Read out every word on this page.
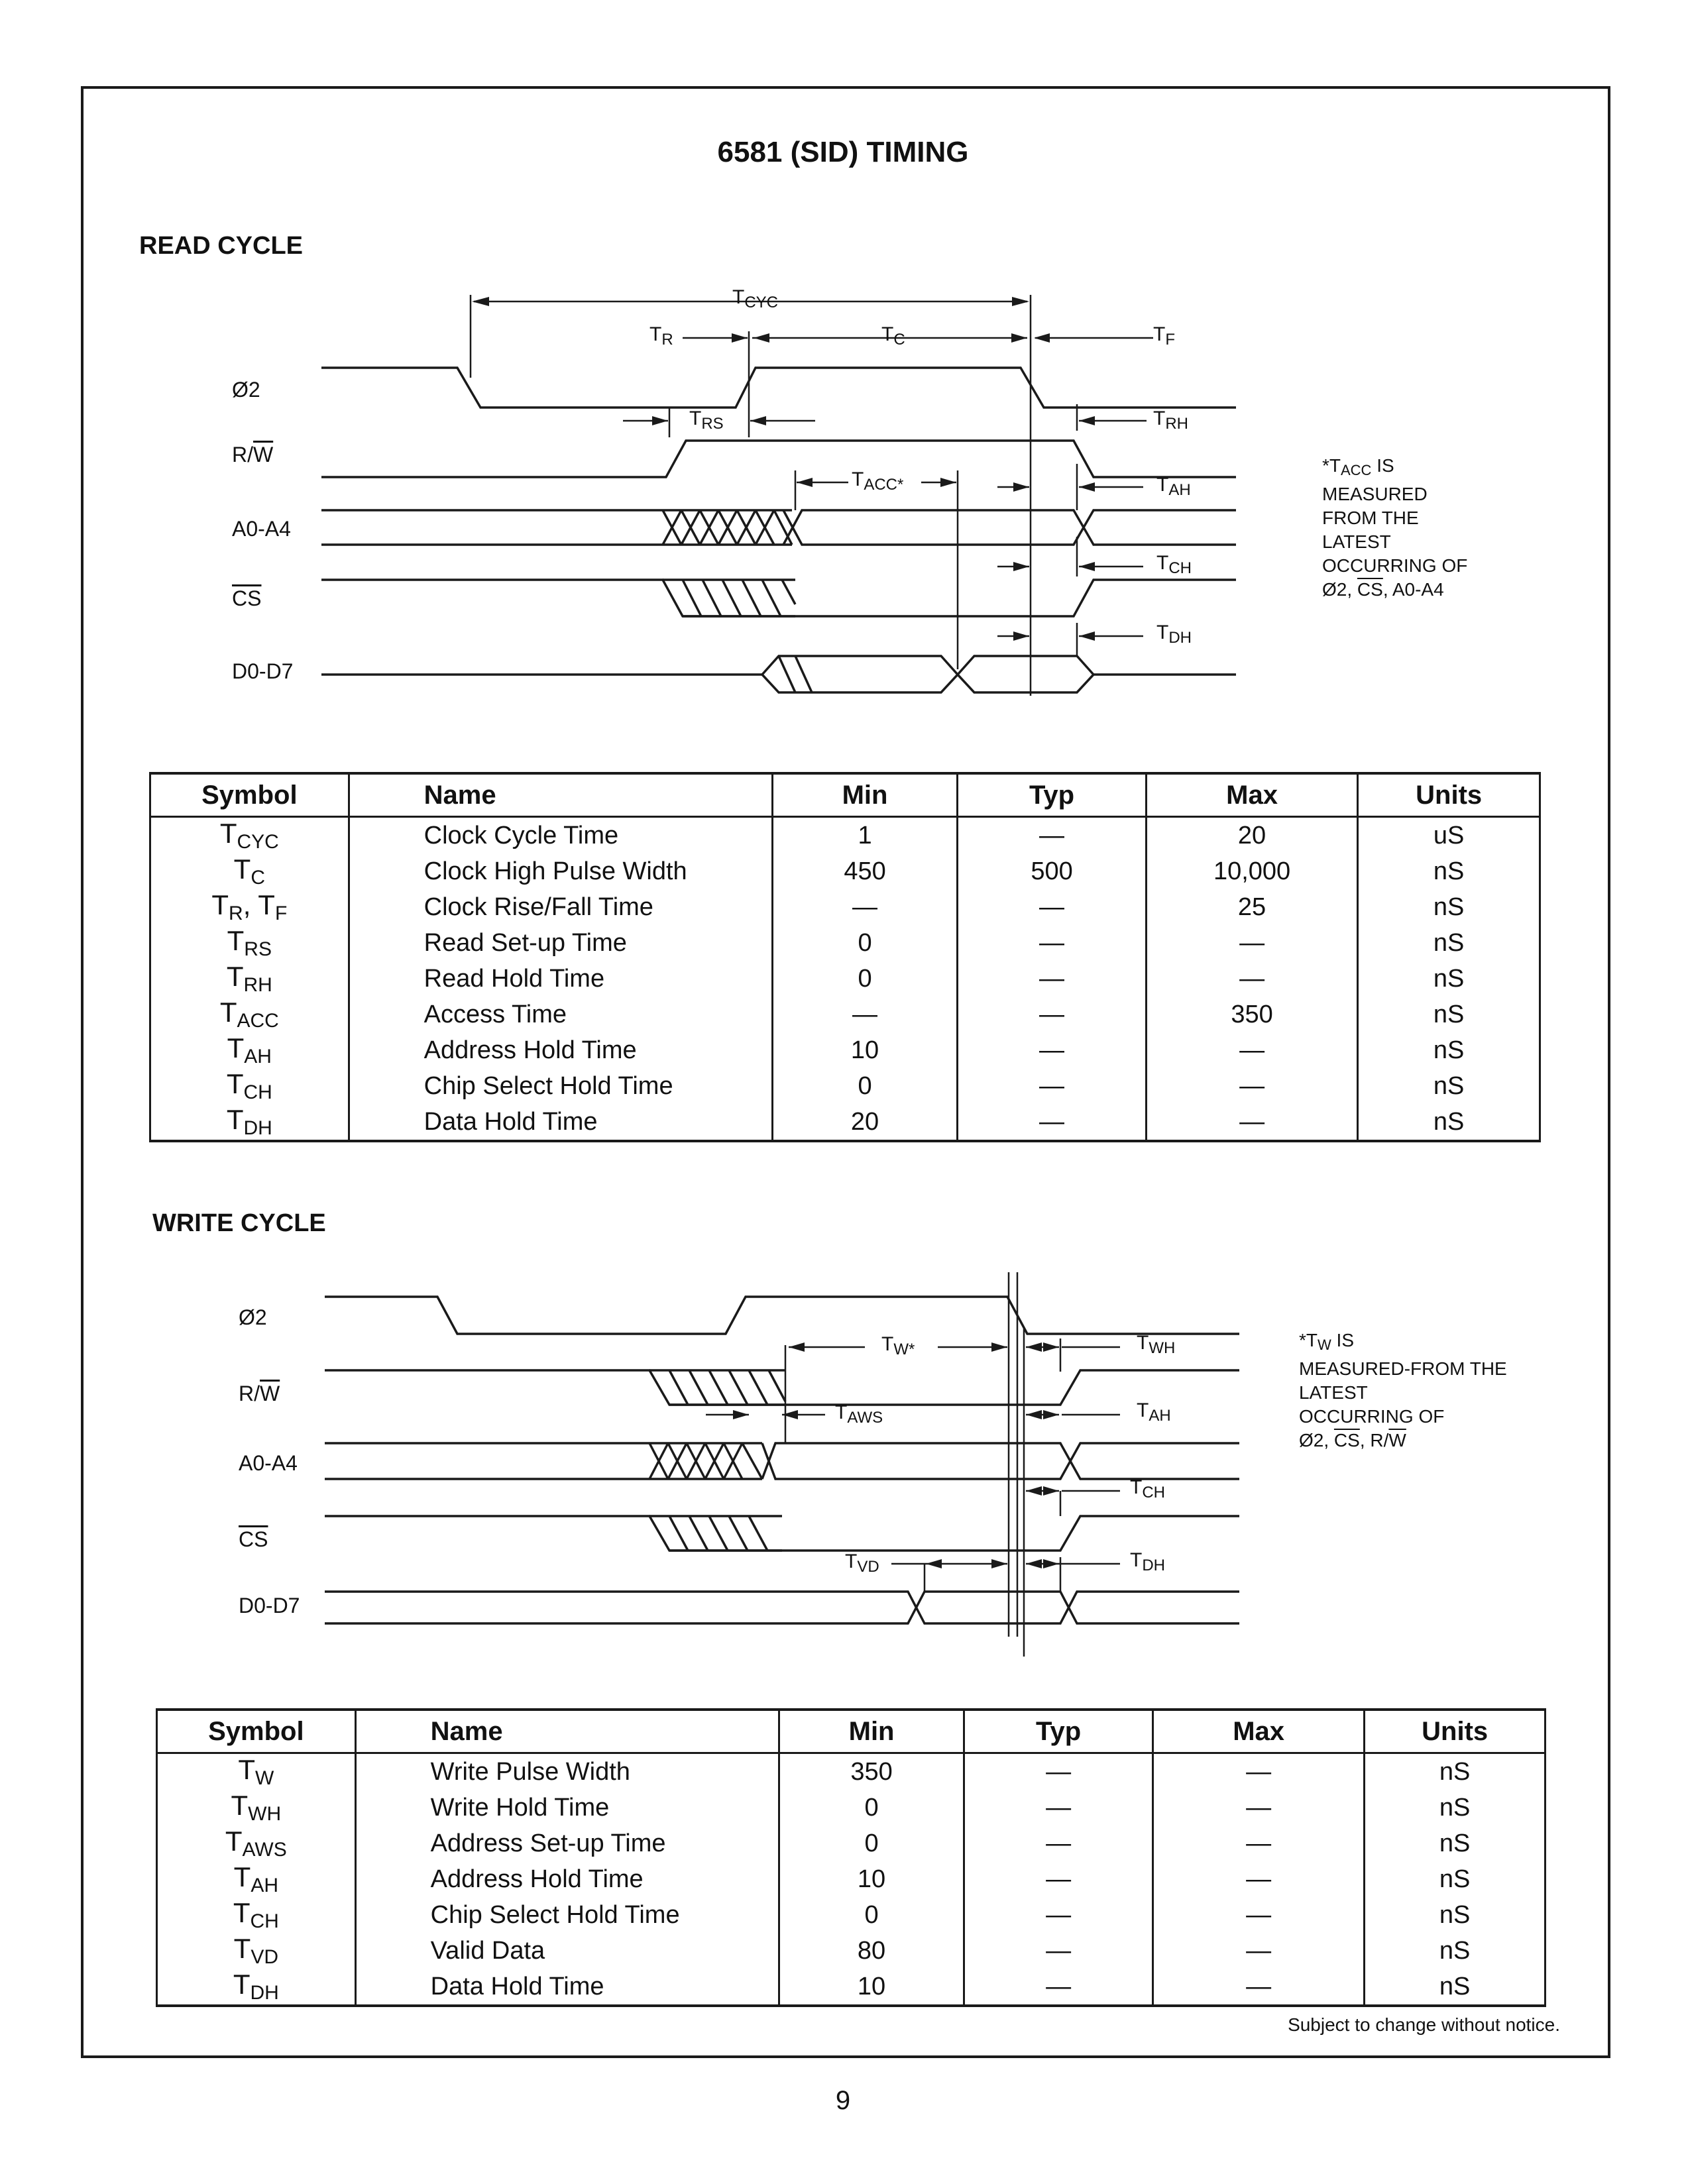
6581 (SID) TIMING
READ CYCLE
Ø2
$R/\overline{W}$
A0-A4
$\overline{CS}$
D0-D7
$T_{CYC}$
$T_R$	$T_C$	$T_F$
$T_{RS}$	$T_{RH}$
$T_{ACC*}$	$T_{AH}$
$T_{CH}$
$T_{DH}$
$*T_{ACC}$ IS
MEASURED
FROM THE
LATEST
OCCURRING OF
Ø2, $\overline{CS}$, A0-A4
Symbol	Name	Min	Typ	Max	Units
$T_{CYC}$	Clock Cycle Time	1	—	20	uS
$T_C$	Clock High Pulse Width	450	500	10,000	nS
$T_R$, $T_F$	Clock Rise/Fall Time	—	—	25	nS
$T_{RS}$	Read Set-up Time	0	—	—	nS
$T_{RH}$	Read Hold Time	0	—	—	nS
$T_{ACC}$	Access Time	—	—	350	nS
$T_{AH}$	Address Hold Time	10	—	—	nS
$T_{CH}$	Chip Select Hold Time	0	—	—	nS
$T_{DH}$	Data Hold Time	20	—	—	nS
WRITE CYCLE
Ø2
$R/\overline{W}$
A0-A4
$\overline{CS}$
D0-D7
$T_{W*}$	$T_{WH}$
$T_{AWS}$	$T_{AH}$
$T_{CH}$
$T_{VD}$	$T_{DH}$
$*T_W$ IS
MEASURED-FROM THE
LATEST
OCCURRING OF
Ø2, $\overline{CS}$, $R/\overline{W}$
Symbol	Name	Min	Typ	Max	Units
$T_W$	Write Pulse Width	350	—	—	nS
$T_{WH}$	Write Hold Time	0	—	—	nS
$T_{AWS}$	Address Set-up Time	0	—	—	nS
$T_{AH}$	Address Hold Time	10	—	—	nS
$T_{CH}$	Chip Select Hold Time	0	—	—	nS
$T_{VD}$	Valid Data	80	—	—	nS
$T_{DH}$	Data Hold Time	10	—	—	nS
Subject to change without notice.
9
